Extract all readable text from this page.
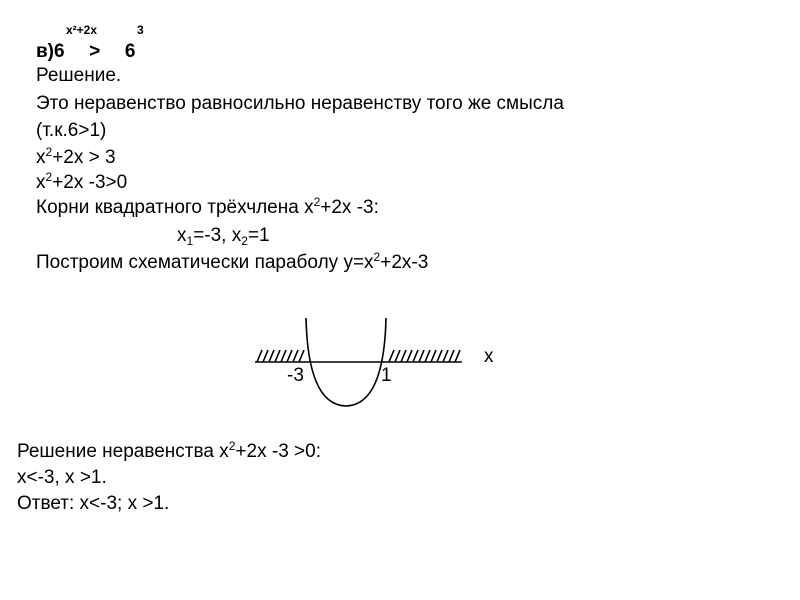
x²+2x	3
в)6 > 6
Решение.
Это неравенство равносильно неравенству того же смысла
(т.к.6>1)
$x^2+2x > 3$
$x^2+2x$ -3>0
Корни квадратного трёхчлена $x^2+2x$ -3:
$x_1=-3$, $x_2=1$
Построим схематически параболу $y=x^2+2x-3$
x
-3	1
Решение неравенства $x^2+2x$ -3 >0:
x<-3, x >1.
Ответ: x<-3; x >1.
